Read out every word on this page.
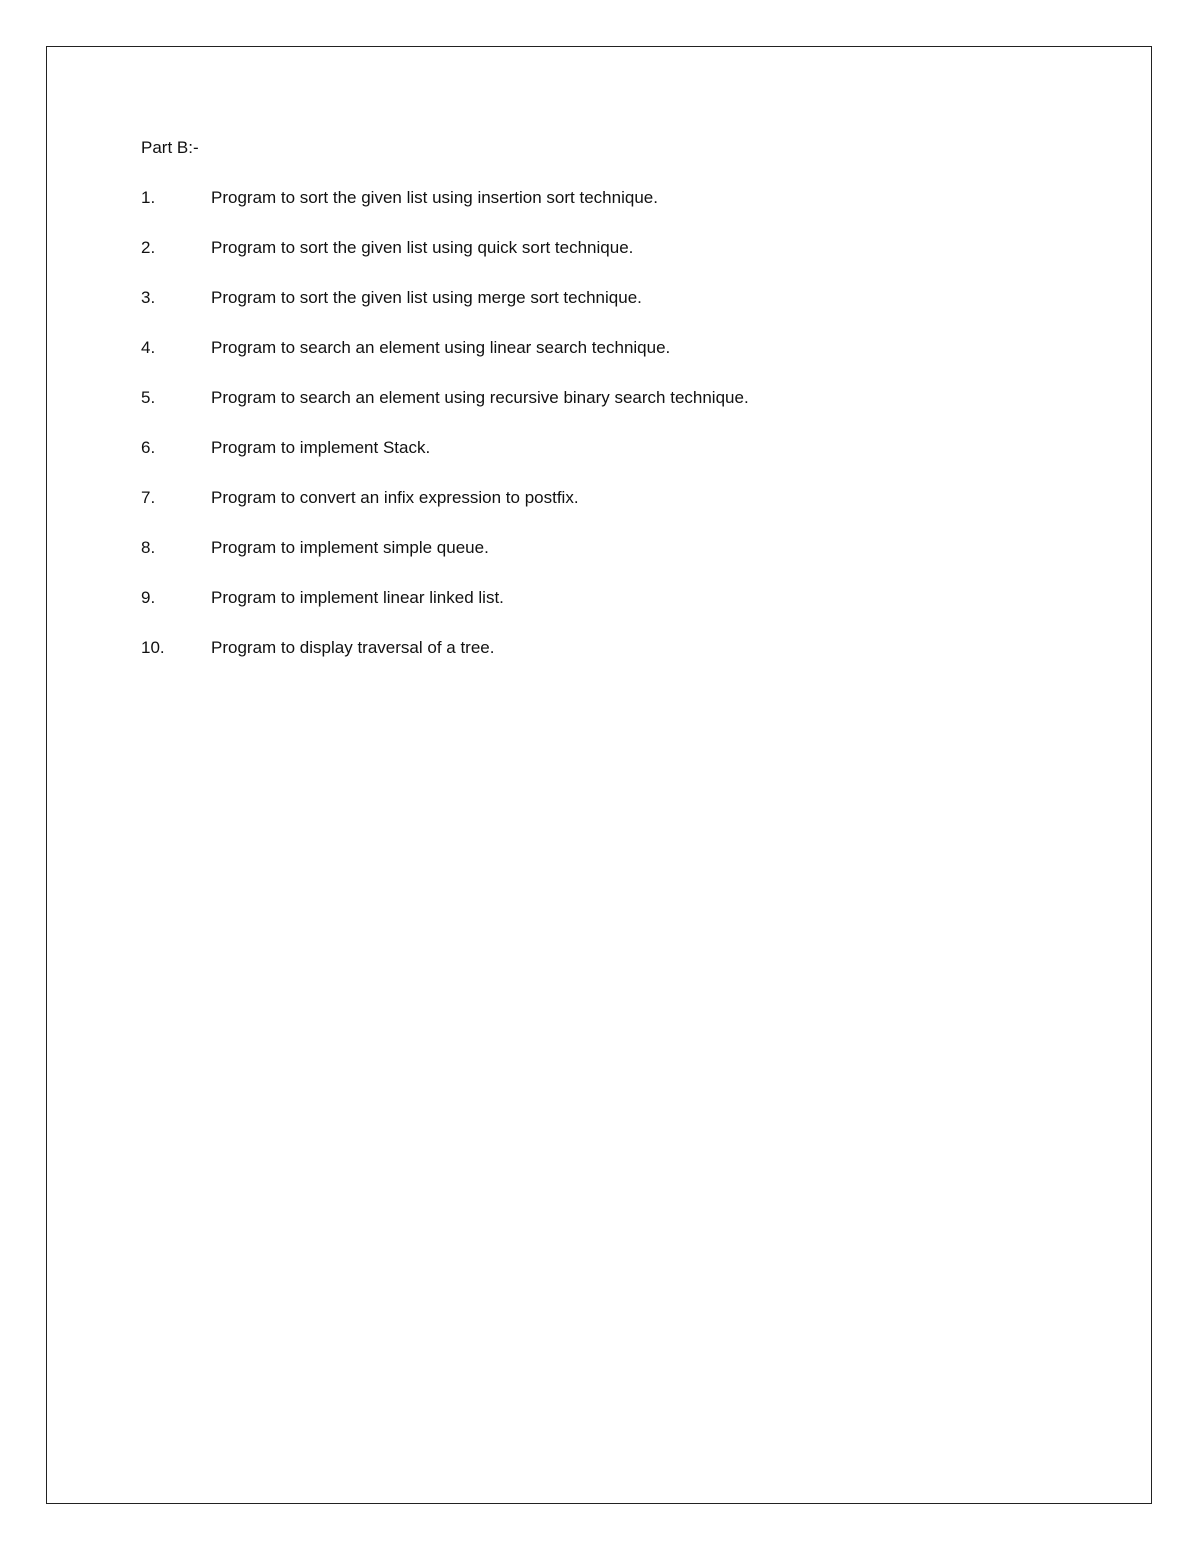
Part B:-
1.	Program to sort the given list using insertion sort technique.
2.	Program to sort the given list using quick sort technique.
3.	Program to sort the given list using merge sort technique.
4.	Program to search an element using linear search technique.
5.	Program to search an element using recursive binary search technique.
6.	Program to implement Stack.
7.	Program to convert an infix expression to postfix.
8.	Program to implement simple queue.
9.	Program to implement linear linked list.
10.	Program to display traversal of a tree.
